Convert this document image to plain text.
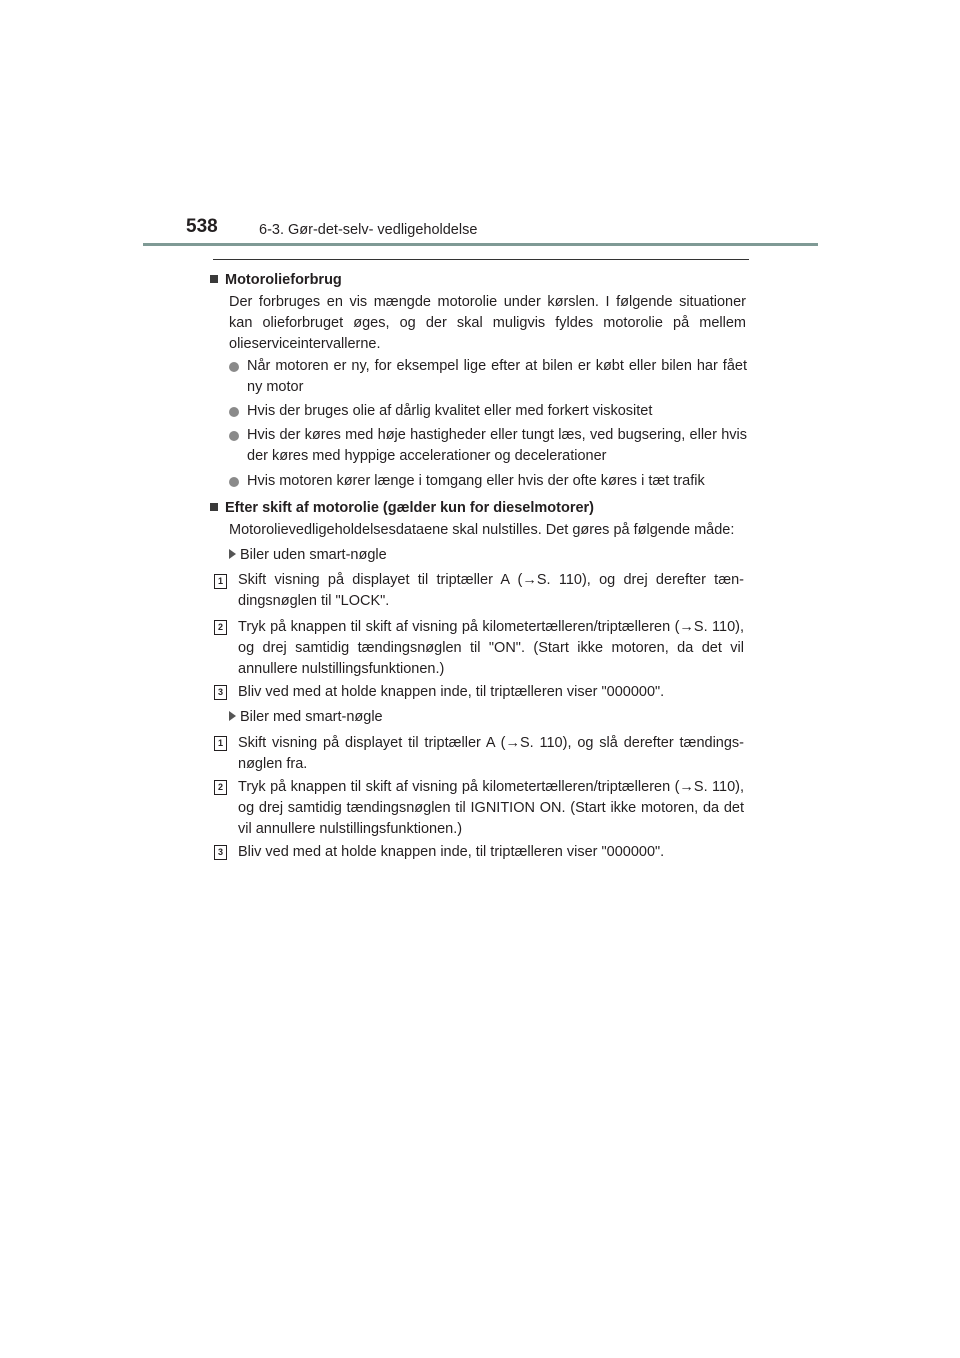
538	6-3. Gør-det-selv- vedligeholdelse
Motorolieforbrug

Der forbruges en vis mængde motorolie under kørslen. I følgende situationer kan olieforbruget øges, og der skal muligvis fyldes motorolie på mellem olieserviceintervallerne.

Når motoren er ny, for eksempel lige efter at bilen er købt eller bilen har fået ny motor
Hvis der bruges olie af dårlig kvalitet eller med forkert viskositet
Hvis der køres med høje hastigheder eller tungt læs, ved bugsering, eller hvis der køres med hyppige accelerationer og decelerationer
Hvis motoren kører længe i tomgang eller hvis der ofte køres i tæt trafik
Efter skift af motorolie (gælder kun for dieselmotorer)

Motorolievedligeholdelsesdataene skal nulstilles. Det gøres på følgende måde:

Biler uden smart-nøgle
1 Skift visning på displayet til triptæller A (→S. 110), og drej derefter tæn-dingsnøglen til "LOCK".

2 Tryk på knappen til skift af visning på kilometertælleren/triptælleren (→S. 110), og drej samtidig tændingsnøglen til "ON". (Start ikke motoren, da det vil annullere nulstillingsfunktionen.)

3 Bliv ved med at holde knappen inde, til triptælleren viser "000000".

Biler med smart-nøgle
1 Skift visning på displayet til triptæller A (→S. 110), og slå derefter tændings-nøglen fra.

2 Tryk på knappen til skift af visning på kilometertælleren/triptælleren (→S. 110), og drej samtidig tændingsnøglen til IGNITION ON. (Start ikke motoren, da det vil annullere nulstillingsfunktionen.)

3 Bliv ved med at holde knappen inde, til triptælleren viser "000000".
